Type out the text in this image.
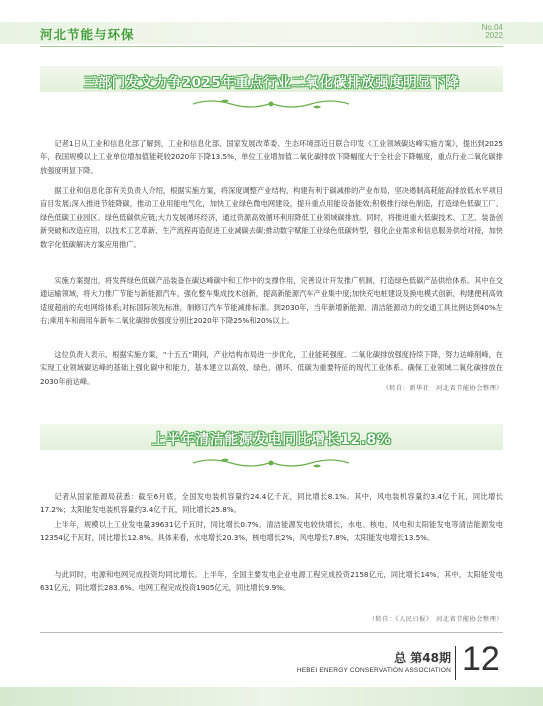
河北节能与环保	No.04
2022
三部门发文力争2025年重点行业二氧化碳排放强度明显下降

记者1日从工业和信息化部了解到，工业和信息化部、国家发展改革委、生态环境部近日联合印发《工业领域碳达峰实施方案》，提出到2025年，我国规模以上工业单位增加值能耗较2020年下降13.5%，单位工业增加值二氧化碳排放下降幅度大于全社会下降幅度，重点行业二氧化碳排放强度明显下降。

据工业和信息化部有关负责人介绍，根据实施方案，将深度调整产业结构，构建有利于碳减排的产业布局，坚决遏制高耗能高排放低水平项目盲目发展;深入推进节能降碳，推动工业用能电气化，加快工业绿色微电网建设，提升重点用能设备能效;积极推行绿色制造，打造绿色低碳工厂、绿色低碳工业园区、绿色低碳供应链;大力发展循环经济，通过资源高效循环利用降低工业领域碳排放。同时，将推进重大低碳技术、工艺、装备创新突破和改造应用，以技术工艺革新、生产流程再造促进工业减碳去碳;推动数字赋能工业绿色低碳转型，强化企业需求和信息服务供给对接，加快数字化低碳解决方案应用推广。

实施方案提出，将发挥绿色低碳产品装备在碳达峰碳中和工作中的支撑作用，完善设计开发推广机制，打造绿色低碳产品供给体系。其中在交通运输领域，将大力推广节能与新能源汽车，强化整车集成技术创新，提高新能源汽车产业集中度;加快充电桩建设及换电模式创新，构建便利高效适度超前的充电网络体系;对标国际领先标准，制修订汽车节能减排标准。到2030年，当年新增新能源、清洁能源动力的交通工具比例达到40%左右;乘用车和商用车新车二氧化碳排放强度分别比2020年下降25%和20%以上。

这位负责人表示，根据实施方案，“十五五”期间，产业结构布局进一步优化，工业能耗强度、二氧化碳排放强度持续下降，努力达峰削峰，在实现工业领域碳达峰的基础上强化碳中和能力，基本建立以高效、绿色、循环、低碳为重要特征的现代工业体系。确保工业领域二氧化碳排放在2030年前达峰。

（转自：新华社　河北省节能协会整理）
上半年清洁能源发电同比增长12.8%

记者从国家能源局获悉：截至6月底，全国发电装机容量约24.4亿千瓦，同比增长8.1%。其中，风电装机容量约3.4亿千瓦，同比增长17.2%；太阳能发电装机容量约3.4亿千瓦，同比增长25.8%。

上半年，规模以上工业发电量39631亿千瓦时，同比增长0.7%。清洁能源发电较快增长，水电、核电、风电和太阳能发电等清洁能源发电12354亿千瓦时，同比增长12.8%。具体来看，水电增长20.3%，核电增长2%，风电增长7.8%，太阳能发电增长13.5%。

与此同时，电源和电网完成投资均同比增长。上半年，全国主要发电企业电源工程完成投资2158亿元，同比增长14%。其中，太阳能发电631亿元，同比增长283.6%。电网工程完成投资1905亿元，同比增长9.9%。

（转自：《人民日报》　河北省节能协会整理）
总 第48期
HEBEI ENERGY CONSERVATION ASSOCIATION 12
